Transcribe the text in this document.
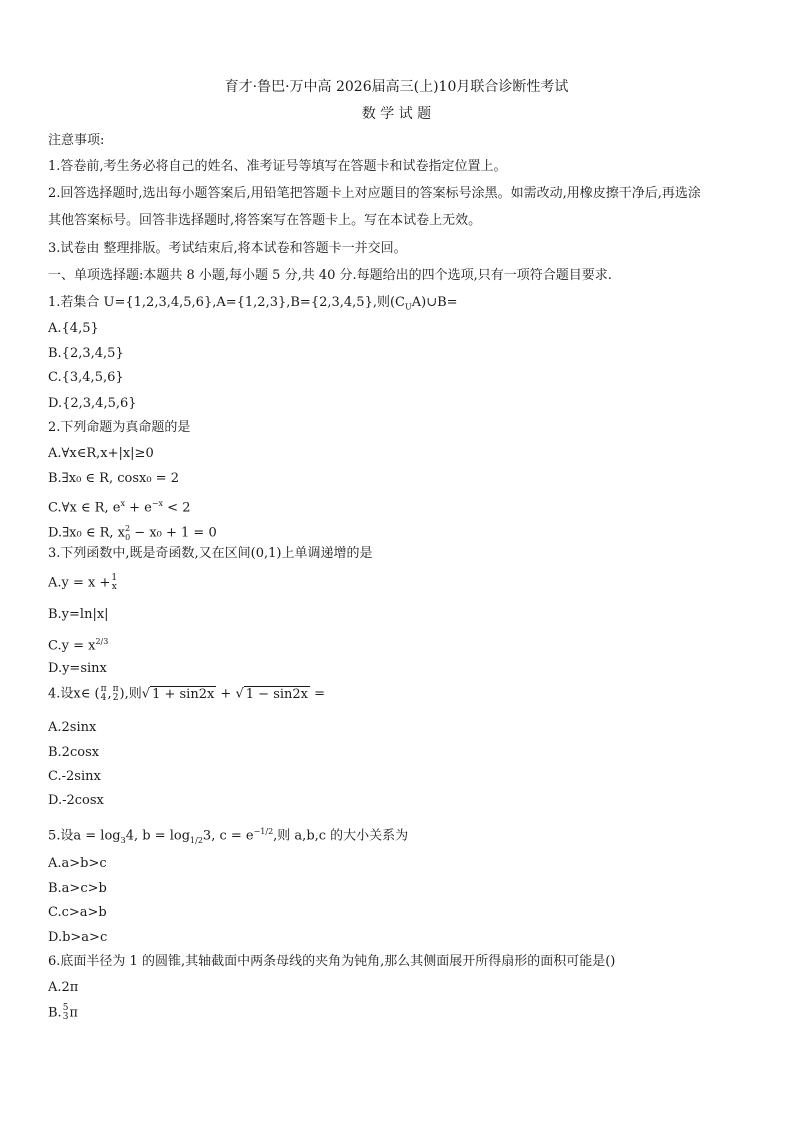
育才·鲁巴·万中高 2026届高三(上)10月联合诊断性考试
数 学 试 题
注意事项:
1.答卷前,考生务必将自己的姓名、准考证号等填写在答题卡和试卷指定位置上。
2.回答选择题时,选出每小题答案后,用铅笔把答题卡上对应题目的答案标号涂黑。如需改动,用橡皮擦干净后,再选涂
其他答案标号。回答非选择题时,将答案写在答题卡上。写在本试卷上无效。
3.试卷由 整理排版。考试结束后,将本试卷和答题卡一并交回。
一、单项选择题:本题共 8 小题,每小题 5 分,共 40 分.每题给出的四个选项,只有一项符合题目要求.
1.若集合 U={1,2,3,4,5,6},A={1,2,3},B={2,3,4,5},则$(C_UA)\cup B=$
A.{4,5}
B.{2,3,4,5}
C.{3,4,5,6}
D.{2,3,4,5,6}
2.下列命题为真命题的是
A.∀x∈R,x+|x|≥0
B.∃x₀ ∈ R, cosx₀ = 2
C.∀x ∈ R, $e^x + e^{-x} < 2$
D.∃x₀ ∈ R, $x^2_0 - x_0 + 1 = 0$
3.下列函数中,既是奇函数,又在区间(0,1)上单调递增的是
A.y = x + 1
x
B.y=ln|x|
$C.y = x^{2/3}$
D.y=sinx
4.设x∈ ( π
4 , π
2 ),则√ 1 + sin2x + √ 1 − sin2x =
A.2sinx
B.2cosx
C.-2sinx
D.-2cosx
5.设$a = \log_34$, $b = \log_{1/2}3$, $c = e^{-1/2}$,则 a,b,c 的大小关系为
A.a>b>c
B.a>c>b
C.c>a>b
D.b>a>c
6.底面半径为 1 的圆锥,其轴截面中两条母线的夹角为钝角,那么其侧面展开所得扇形的面积可能是()
A.2π
B. 5
3 π
